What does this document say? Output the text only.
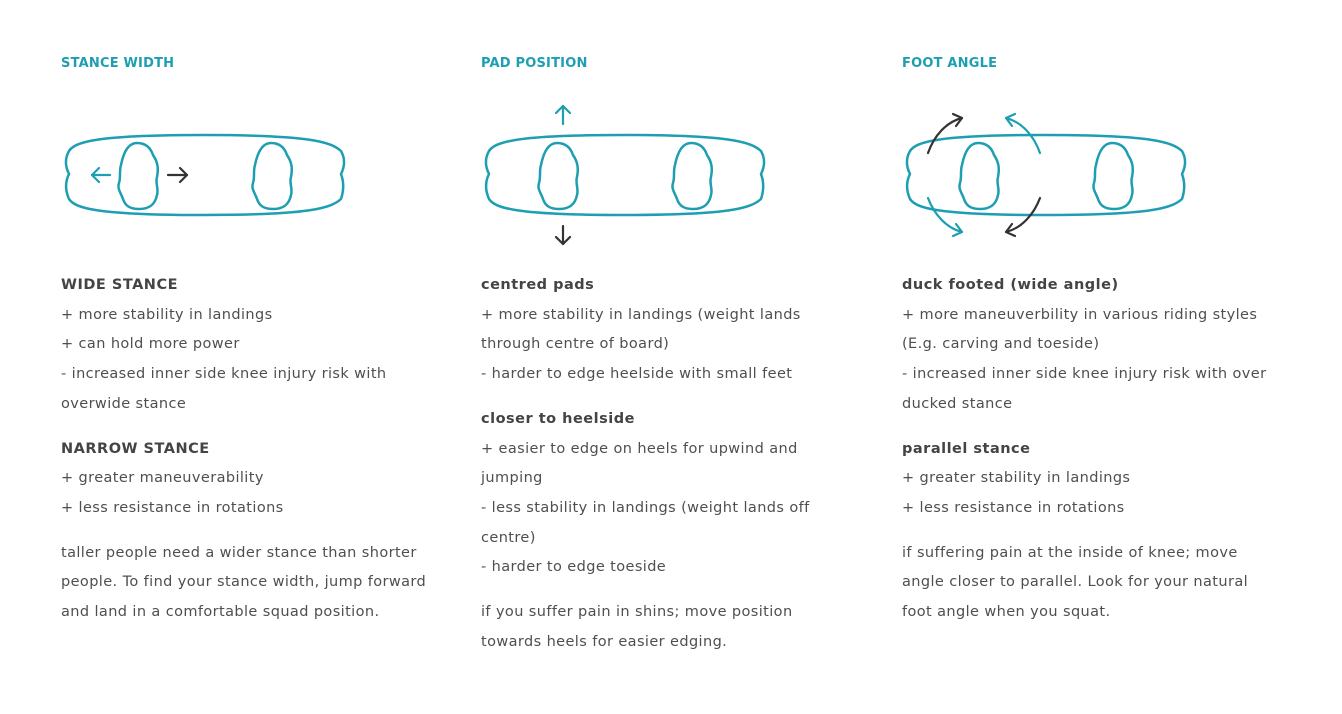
STANCE WIDTH
WIDE STANCE
+ more stability in landings
+ can hold more power
- increased inner side knee injury risk with
overwide stance
NARROW STANCE
+ greater maneuverability
+ less resistance in rotations
taller people need a wider stance than shorter
people. To find your stance width, jump forward
and land in a comfortable squad position.
PAD POSITION
centred pads
+ more stability in landings (weight lands
through centre of board)
- harder to edge heelside with small feet
closer to heelside
+ easier to edge on heels for upwind and
jumping
- less stability in landings (weight lands off
centre)
- harder to edge toeside
if you suffer pain in shins; move position
towards heels for easier edging.
FOOT ANGLE
duck footed (wide angle)
+ more maneuverbility in various riding styles
(E.g. carving and toeside)
- increased inner side knee injury risk with over
ducked stance
parallel stance
+ greater stability in landings
+ less resistance in rotations
if suffering pain at the inside of knee; move
angle closer to parallel. Look for your natural
foot angle when you squat.
